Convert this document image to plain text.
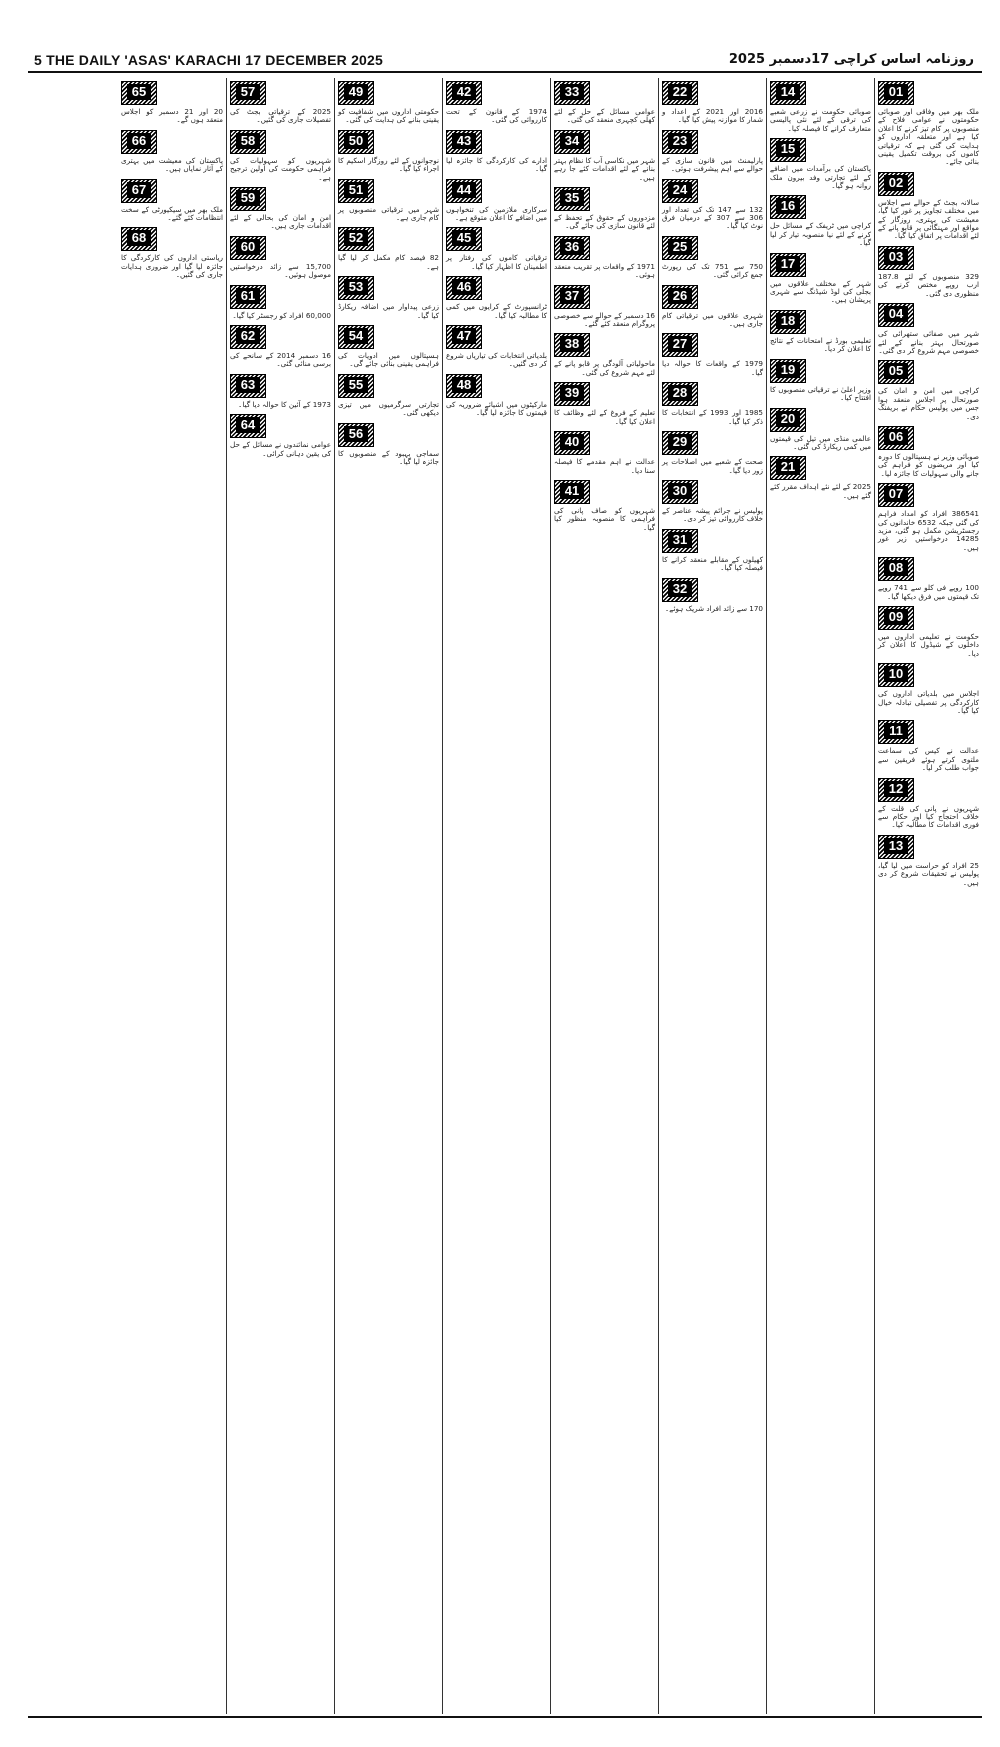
5 THE DAILY 'ASAS' KARACHI 17 DECEMBER 2025	روزنامہ اساس کراچی 17دسمبر 2025
01
ملک بھر میں وفاقی اور صوبائی حکومتوں نے عوامی فلاح کے منصوبوں پر کام تیز کرنے کا اعلان کیا ہے اور متعلقہ اداروں کو ہدایت کی گئی ہے کہ ترقیاتی کاموں کی بروقت تکمیل یقینی بنائی جائے۔
02
سالانہ بجٹ کے حوالے سے اجلاس میں مختلف تجاویز پر غور کیا گیا، معیشت کی بہتری، روزگار کے مواقع اور مہنگائی پر قابو پانے کے لئے اقدامات پر اتفاق کیا گیا۔
03
329 منصوبوں کے لئے 187.8 ارب روپے مختص کرنے کی منظوری دی گئی۔
04
شہر میں صفائی ستھرائی کی صورتحال بہتر بنانے کے لئے خصوصی مہم شروع کر دی گئی۔
05
کراچی میں امن و امان کی صورتحال پر اجلاس منعقد ہوا جس میں پولیس حکام نے بریفنگ دی۔
06
صوبائی وزیر نے ہسپتالوں کا دورہ کیا اور مریضوں کو فراہم کی جانے والی سہولیات کا جائزہ لیا۔
07
386541 افراد کو امداد فراہم کی گئی جبکہ 6532 خاندانوں کی رجسٹریشن مکمل ہو گئی، مزید 14285 درخواستیں زیر غور ہیں۔
08
100 روپے فی کلو سے 741 روپے تک قیمتوں میں فرق دیکھا گیا۔
09
حکومت نے تعلیمی اداروں میں داخلوں کے شیڈول کا اعلان کر دیا۔
10
اجلاس میں بلدیاتی اداروں کی کارکردگی پر تفصیلی تبادلہ خیال کیا گیا۔
11
عدالت نے کیس کی سماعت ملتوی کرتے ہوئے فریقین سے جواب طلب کر لیا۔
12
شہریوں نے پانی کی قلت کے خلاف احتجاج کیا اور حکام سے فوری اقدامات کا مطالبہ کیا۔
13
25 افراد کو حراست میں لیا گیا، پولیس نے تحقیقات شروع کر دی ہیں۔
14
صوبائی حکومت نے زرعی شعبے کی ترقی کے لئے نئی پالیسی متعارف کرانے کا فیصلہ کیا۔
15
پاکستان کی برآمدات میں اضافے کے لئے تجارتی وفد بیرون ملک روانہ ہو گیا۔
16
کراچی میں ٹریفک کے مسائل حل کرنے کے لئے نیا منصوبہ تیار کر لیا گیا۔
17
شہر کے مختلف علاقوں میں بجلی کی لوڈ شیڈنگ سے شہری پریشان ہیں۔
18
تعلیمی بورڈ نے امتحانات کے نتائج کا اعلان کر دیا۔
19
وزیر اعلیٰ نے ترقیاتی منصوبوں کا افتتاح کیا۔
20
عالمی منڈی میں تیل کی قیمتوں میں کمی ریکارڈ کی گئی۔
21
2025 کے لئے نئے اہداف مقرر کئے گئے ہیں۔
22
2016 اور 2021 کے اعداد و شمار کا موازنہ پیش کیا گیا۔
23
پارلیمنٹ میں قانون سازی کے حوالے سے اہم پیشرفت ہوئی۔
24
132 سے 147 تک کی تعداد اور 306 سے 307 کے درمیان فرق نوٹ کیا گیا۔
25
750 سے 751 تک کی رپورٹ جمع کرائی گئی۔
26
شہری علاقوں میں ترقیاتی کام جاری ہیں۔
27
1979 کے واقعات کا حوالہ دیا گیا۔
28
1985 اور 1993 کے انتخابات کا ذکر کیا گیا۔
29
صحت کے شعبے میں اصلاحات پر زور دیا گیا۔
30
پولیس نے جرائم پیشہ عناصر کے خلاف کارروائی تیز کر دی۔
31
کھیلوں کے مقابلے منعقد کرانے کا فیصلہ کیا گیا۔
32
170 سے زائد افراد شریک ہوئے۔
33
عوامی مسائل کے حل کے لئے کھلی کچہری منعقد کی گئی۔
34
شہر میں نکاسی آب کا نظام بہتر بنانے کے لئے اقدامات کئے جا رہے ہیں۔
35
مزدوروں کے حقوق کے تحفظ کے لئے قانون سازی کی جائے گی۔
36
1971 کے واقعات پر تقریب منعقد ہوئی۔
37
16 دسمبر کے حوالے سے خصوصی پروگرام منعقد کئے گئے۔
38
ماحولیاتی آلودگی پر قابو پانے کے لئے مہم شروع کی گئی۔
39
تعلیم کے فروغ کے لئے وظائف کا اعلان کیا گیا۔
40
عدالت نے اہم مقدمے کا فیصلہ سنا دیا۔
41
شہریوں کو صاف پانی کی فراہمی کا منصوبہ منظور کیا گیا۔
42
1974 کے قانون کے تحت کارروائی کی گئی۔
43
ادارے کی کارکردگی کا جائزہ لیا گیا۔
44
سرکاری ملازمین کی تنخواہوں میں اضافے کا اعلان متوقع ہے۔
45
ترقیاتی کاموں کی رفتار پر اطمینان کا اظہار کیا گیا۔
46
ٹرانسپورٹ کے کرایوں میں کمی کا مطالبہ کیا گیا۔
47
بلدیاتی انتخابات کی تیاریاں شروع کر دی گئیں۔
48
مارکیٹوں میں اشیائے ضروریہ کی قیمتوں کا جائزہ لیا گیا۔
49
حکومتی اداروں میں شفافیت کو یقینی بنانے کی ہدایت کی گئی۔
50
نوجوانوں کے لئے روزگار اسکیم کا اجراء کیا گیا۔
51
شہر میں ترقیاتی منصوبوں پر کام جاری ہے۔
52
82 فیصد کام مکمل کر لیا گیا ہے۔
53
زرعی پیداوار میں اضافہ ریکارڈ کیا گیا۔
54
ہسپتالوں میں ادویات کی فراہمی یقینی بنائی جائے گی۔
55
تجارتی سرگرمیوں میں تیزی دیکھی گئی۔
56
سماجی بہبود کے منصوبوں کا جائزہ لیا گیا۔
57
2025 کے ترقیاتی بجٹ کی تفصیلات جاری کی گئیں۔
58
شہریوں کو سہولیات کی فراہمی حکومت کی اولین ترجیح ہے۔
59
امن و امان کی بحالی کے لئے اقدامات جاری ہیں۔
60
15,700 سے زائد درخواستیں موصول ہوئیں۔
61
60,000 افراد کو رجسٹر کیا گیا۔
62
16 دسمبر 2014 کے سانحے کی برسی منائی گئی۔
63
1973 کے آئین کا حوالہ دیا گیا۔
64
عوامی نمائندوں نے مسائل کے حل کی یقین دہانی کرائی۔
65
20 اور 21 دسمبر کو اجلاس منعقد ہوں گے۔
66
پاکستان کی معیشت میں بہتری کے آثار نمایاں ہیں۔
67
ملک بھر میں سیکیورٹی کے سخت انتظامات کئے گئے۔
68
ریاستی اداروں کی کارکردگی کا جائزہ لیا گیا اور ضروری ہدایات جاری کی گئیں۔
